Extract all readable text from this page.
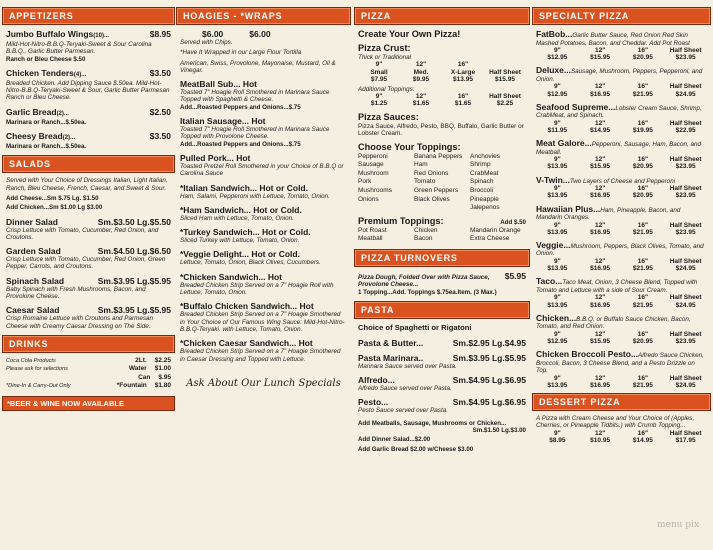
APPETIZERS
Jumbo Buffalo Wings(10)...	$8.95
Mild-Hot-Nitro-B.B.Q-Teryaki-Sweet & Sour Carolina B.B.Q., Garlic Butter Parmesan.
Ranch or Bleu Cheese $.50
Chicken Tenders(4)...	$3.50
Breaded Chicken. Add Dipping Sauce $.50ea. Mild-Hot-Nitro-B.B.Q-Teryaki-Sweet & Sour, Garlic Butter Parmesan Ranch or Bleu Cheese.
Garlic Bread(2)...	$2.50
Marinara or Ranch...$.50ea.
Cheesy Bread(2)...	$3.50
Marinara or Ranch...$.50ea.
SALADS
Served with Your Choice of Dressings Italian, Light Italian, Ranch, Bleu Cheese, French, Caesar, and Sweet & Sour.
Add Cheese...Sm $.75 Lg. $1.50
Add Chicken...Sm $1.00 Lg $3.00
Dinner Salad	Sm.$3.50 Lg.$5.50
Crisp Lettuce with Tomato, Cucumber, Red Onion, and Croutons.
Garden Salad	Sm.$4.50 Lg.$6.50
Crisp Lettuce with Tomato, Cucumber, Red Onion, Green Pepper, Carrots, and Croutons.
Spinach Salad	Sm.$3.95 Lg.$5.95
Baby Spinach with Fresh Mushrooms, Bacon, and Provolone Cheese.
Caesar Salad	Sm.$3.95 Lg.$5.95
Crisp Romaine Lettuce with Croutons and Parmesan Cheese with Creamy Caesar Dressing on The Side.
DRINKS
Coca Cola Products	2Lt. $2.25
Please ask for selections	Water $1.00
Can $.95
*Dine-In & Carry-Out Only	*Fountain $1.80
*BEER & WINE NOW AVAILABLE
HOAGIES - *WRAPS
$6.00	$6.00
Served with Chips.
*Have It Wrapped in our Large Flour Tortilla
American, Swiss, Provolone, Mayonaise, Mustard, Oil & Vinegar.
MeatBall Sub... Hot
Toasted 7" Hoagie Roll Smothered in Marinara Sauce Topped with Spaghetti & Cheese.
Add...Roasted Peppers and Onions...$.75
Italian Sausage... Hot
Toasted 7" Hoagie Roll Smothered in Marinara Sauce Topped with Provolone Cheese.
Add...Roasted Peppers and Onions...$.75
Pulled Pork... Hot
Toasted Pretzel Roll Smothered in your Choice of B.B.Q or Carolina Sauce
*Italian Sandwich... Hot or Cold.
Ham, Salami, Pepperoni with Lettuce, Tomato, Onion.
*Ham Sandwich... Hot or Cold.
Sliced Ham with Lettuce, Tomato, Onion.
*Turkey Sandwich... Hot or Cold.
Sliced Turkey with Lettuce, Tomato, Onion.
*Veggie Delight... Hot or Cold.
Lettuce, Tomato, Onion, Black Olives, Cucumbers.
*Chicken Sandwich... Hot
Breaded Chicken Strip Served on a 7" Hoagie Roll with Lettuce, Tomato, Onion.
*Buffalo Chicken Sandwich... Hot
Breaded Chicken Strip Served on a 7" Hoagie Smothered in Your Choice of Our Famous Wing Sauce: Mild-Hot-Nitro-B.B.Q-Teryaki. with Lettuce, Tomato, Onion.
*Chicken Caesar Sandwich... Hot
Breaded Chicken Strip Served on a 7" Hoagie Smothered in Caesar Dressing and Topped with Lettuce.
Ask About Our Lunch Specials
PIZZA
Create Your Own Pizza!
Pizza Crust:
Thick or Traditional
9"	12"	16"
Small	Med.	X-Large	Half Sheet
$7.95	$9.95	$13.95	$15.95
Additional Toppings:
9"	12"	16"	Half Sheet
$1.25	$1.65	$1.65	$2.25
Pizza Sauces:
Pizza Sauce, Alfredo, Pesto, BBQ, Buffalo, Garlic Butter or Lobster Cream.
Choose Your Toppings:
Pepperoni	Banana Peppers	Anchovies
Sausage	Ham	Shrimp
Mushroom	Red Onions	CrabMeat
Pork	Tomato	Spinach
Mushrooms	Green Peppers	Broccoli
Onions	Black Olives	Pineapple
Jalepenos
Premium Toppings:	Add $.50
Pot Roast	Chicken	Mandarin Orange
Meatball	Bacon	Extra Cheese
PIZZA TURNOVERS
Pizza Dough, Folded Over with Pizza Sauce, Provolone Cheese...
$5.95
1 Topping...Add. Toppings $.75ea.Item. (3 Max.)
PASTA
Choice of Spaghetti or Rigatoni
Pasta & Butter...	Sm.$2.95 Lg.$4.95
Pasta Marinara..	Sm.$3.95 Lg.$5.95
Marinara Sauce served over Pasta.
Alfredo...	Sm.$4.95 Lg.$6.95
Alfredo Sauce served over Pasta.
Pesto...	Sm.$4.95 Lg.$6.95
Pesto Sauce served over Pasta.
Add Meatballs, Sausage, Mushrooms or Chicken...
Sm.$1.50 Lg.$3.00
Add Dinner Salad...$2.00
Add Garlic Bread $2.00 w/Cheese $3.00
SPECIALTY PIZZA
FatBob...Garlic Butter Sauce, Red Onion Red Skin Mashed Potatoes, Bacon, and Cheddar. Add Pot Roast
9"	12"	16"	Half Sheet
$12.95	$15.95	$20.95	$23.95
Deluxe...Sausage, Mushroom, Peppers, Pepperoni, and Onion.
9"	12"	16"	Half Sheet
$12.95	$16.95	$21.95	$24.95
Seafood Supreme...Lobster Cream Sauce, Shrimp, CrabMeat, and Spinach.
9"	12"	16"	Half Sheet
$11.95	$14.95	$19.95	$22.95
Meat Galore...Pepperoni, Sausage, Ham, Bacon, and Meatball.
9"	12"	16"	Half Sheet
$13.95	$15.95	$20.95	$23.95
V-Twin...Two Layers of Cheese and Pepperoni
9"	12"	16"	Half Sheet
$13.95	$16.95	$20.95	$23.95
Hawaiian Plus...Ham, Pineapple, Bacon, and Mandarin Oranges.
9"	12"	16"	Half Sheet
$13.95	$16.95	$21.95	$23.95
Veggie...Mushroom, Peppers, Black Olives, Tomato, and Onion.
9"	12"	16"	Half Sheet
$13.95	$16.95	$21.95	$24.95
Taco...Taco Meat, Onion, 3 Cheese Blend, Topped with Tomato and Lettuce with a side of Sour Cream.
9"	12"	16"	Half Sheet
$13.95	$16.95	$21.95	$24.95
Chicken...B.B.Q. or Buffalo Sauce Chicken, Bacon, Tomato, and Red Onion.
9"	12"	16"	Half Sheet
$12.95	$15.95	$20.95	$23.95
Chicken Broccoli Pesto...Alfredo Sauce Chicken, Broccoli, Bacon, 3 Cheese Blend, and a Pesto Drizzle on Top.
9"	12"	16"	Half Sheet
$13.95	$16.95	$21.95	$24.95
DESSERT PIZZA
A Pizza with Cream Cheese and Your Choice of (Apples, Cherries, or Pineapple Tidbits.) with Crumb Topping...
9"	12"	16"	Half Sheet
$8.95	$10.95	$14.95	$17.95
menu pix
